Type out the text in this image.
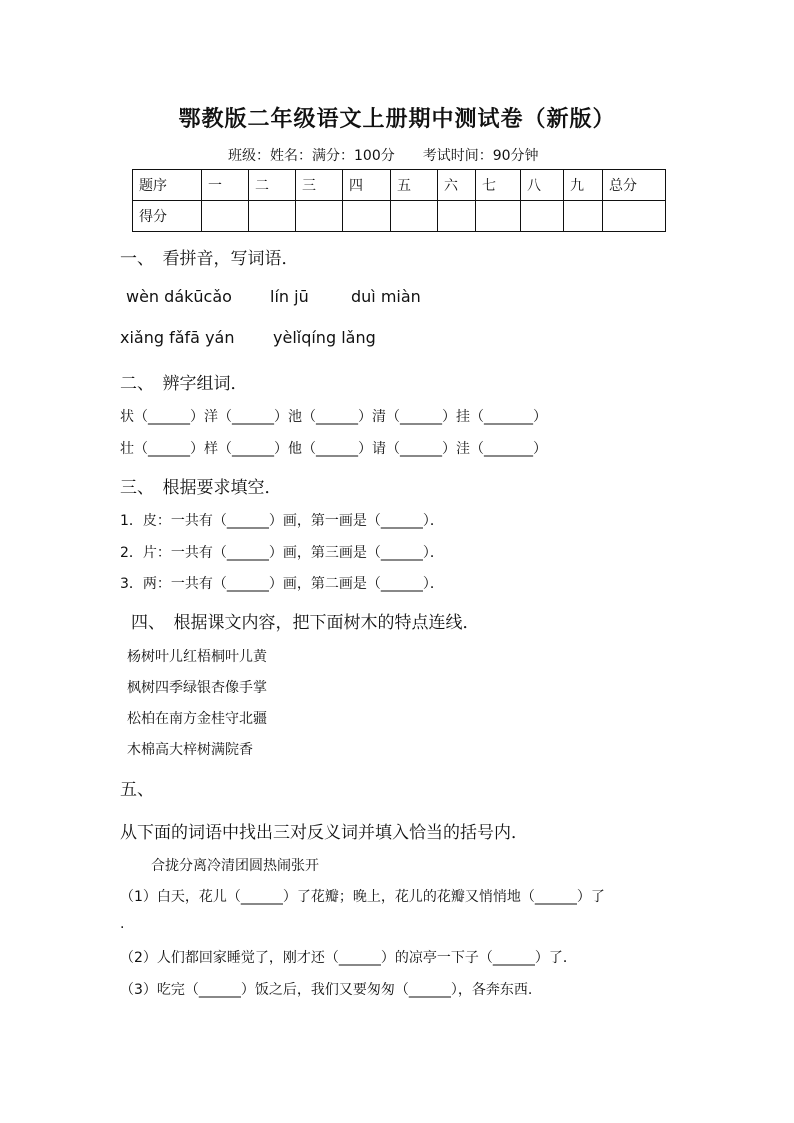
鄂教版二年级语文上册期中测试卷（新版）
班级：姓名：满分：100分　　考试时间：90分钟
题序	一	二	三	四	五	六	七	八	九	总分
得分										
一、　看拼音，写词语．
wèn dákūcǎo lín jū	duì miàn
xiǎng fǎfā yán yèlǐqíng lǎng
二、　辨字组词．
状（______）洋（______）池（______）清（______）挂（_______）
壮（______）样（______）他（______）请（______）洼（_______）
三、　根据要求填空．
1．皮：一共有（______）画，第一画是（______）．
2．片：一共有（______）画，第三画是（______）．
3．两：一共有（______）画，第二画是（______）．
四、　根据课文内容，把下面树木的特点连线．
杨树叶儿红梧桐叶儿黄
枫树四季绿银杏像手掌
松柏在南方金桂守北疆
木棉高大梓树满院香
五、
从下面的词语中找出三对反义词并填入恰当的括号内．
合拢分离冷清团圆热闹张开
（1）白天，花儿（______）了花瓣；晚上，花儿的花瓣又悄悄地（______）了
.
（2）人们都回家睡觉了，刚才还（______）的凉亭一下子（______）了．
（3）吃完（______）饭之后，我们又要匆匆（______），各奔东西.
